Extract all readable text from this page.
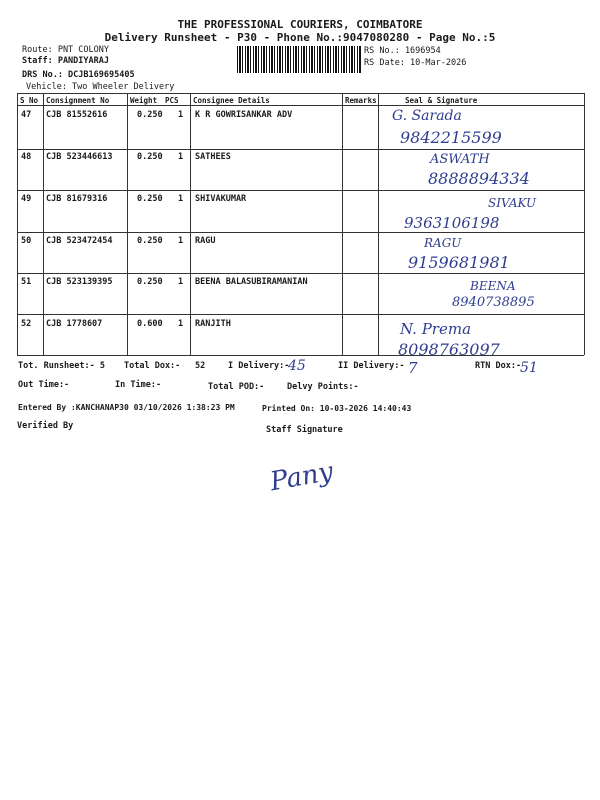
THE PROFESSIONAL COURIERS, COIMBATORE
Delivery Runsheet - P30 - Phone No.:9047080280 - Page No.:5
Route: PNT COLONY
Staff: PANDIYARAJ
DRS No.: DCJB169695405
Vehicle: Two Wheeler Delivery
RS No.: 1696954
RS Date: 10-Mar-2026
S No Consignment No	Weight PCS Consignee Details	Remarks	Seal & Signature
47 CJB 81552616	0.250 1 K R GOWRISANKAR ADV	G. Sarada
9842215599
48 CJB 523446613	0.250 1 SATHEES	ASWATH
8888894334
49 CJB 81679316	0.250 1 SHIVAKUMAR	SIVAKU
9363106198
50 CJB 523472454	0.250 1 RAGU	RAGU
9159681981
51 CJB 523139395	0.250 1 BEENA BALASUBIRAMANIAN	BEENA
8940738895
52 CJB 1778607	0.600 1 RANJITH	N. Prema
8098763097
Tot. Runsheet:- 5 Total Dox:- 52	I Delivery:-
45	II Delivery:- 7	RTN Dox:-
51
Out Time:-	In Time:-	Total POD:-	Delvy Points:-
Entered By :KANCHANAP30 03/10/2026 1:38:23 PM	Printed On: 10-03-2026 14:40:43
Verified By	Staff Signature
Pany
